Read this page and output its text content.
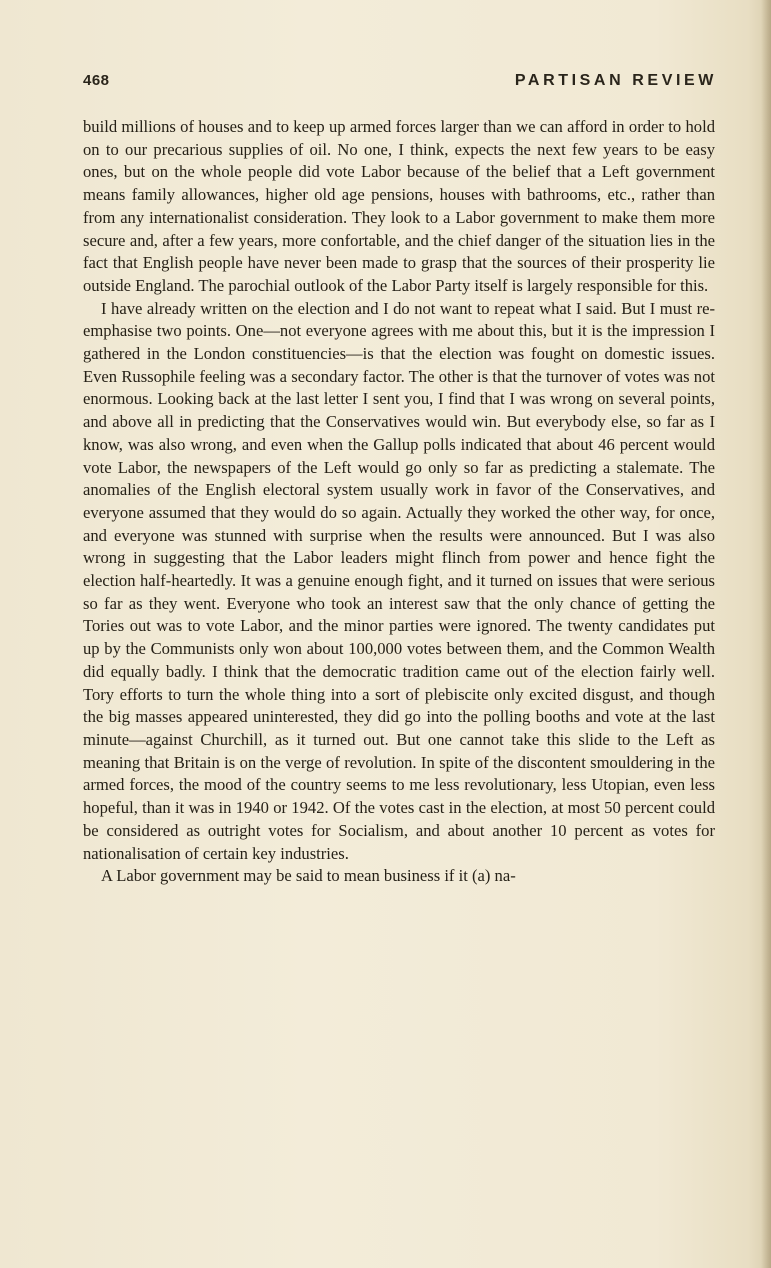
468	PARTISAN REVIEW

build millions of houses and to keep up armed forces larger than we can afford in order to hold on to our precarious supplies of oil. No one, I think, expects the next few years to be easy ones, but on the whole people did vote Labor because of the belief that a Left government means family allowances, higher old age pensions, houses with bathrooms, etc., rather than from any internationalist consideration. They look to a Labor government to make them more secure and, after a few years, more confortable, and the chief danger of the situation lies in the fact that English people have never been made to grasp that the sources of their prosperity lie outside England. The parochial outlook of the Labor Party itself is largely responsible for this.

I have already written on the election and I do not want to repeat what I said. But I must re-emphasise two points. One—not everyone agrees with me about this, but it is the impression I gathered in the London constituencies—is that the election was fought on domestic issues. Even Russophile feeling was a secondary factor. The other is that the turnover of votes was not enormous. Looking back at the last letter I sent you, I find that I was wrong on several points, and above all in predicting that the Conservatives would win. But everybody else, so far as I know, was also wrong, and even when the Gallup polls indicated that about 46 percent would vote Labor, the newspapers of the Left would go only so far as predicting a stalemate. The anomalies of the English electoral system usually work in favor of the Conservatives, and everyone assumed that they would do so again. Actually they worked the other way, for once, and everyone was stunned with surprise when the results were announced. But I was also wrong in suggesting that the Labor leaders might flinch from power and hence fight the election half-heartedly. It was a genuine enough fight, and it turned on issues that were serious so far as they went. Everyone who took an interest saw that the only chance of getting the Tories out was to vote Labor, and the minor parties were ignored. The twenty candidates put up by the Communists only won about 100,000 votes between them, and the Common Wealth did equally badly. I think that the democratic tradition came out of the election fairly well. Tory efforts to turn the whole thing into a sort of plebiscite only excited disgust, and though the big masses appeared uninterested, they did go into the polling booths and vote at the last minute—against Churchill, as it turned out. But one cannot take this slide to the Left as meaning that Britain is on the verge of revolution. In spite of the discontent smouldering in the armed forces, the mood of the country seems to me less revolutionary, less Utopian, even less hopeful, than it was in 1940 or 1942. Of the votes cast in the election, at most 50 percent could be considered as outright votes for Socialism, and about another 10 percent as votes for nationalisation of certain key industries.

A Labor government may be said to mean business if it (a) na-
